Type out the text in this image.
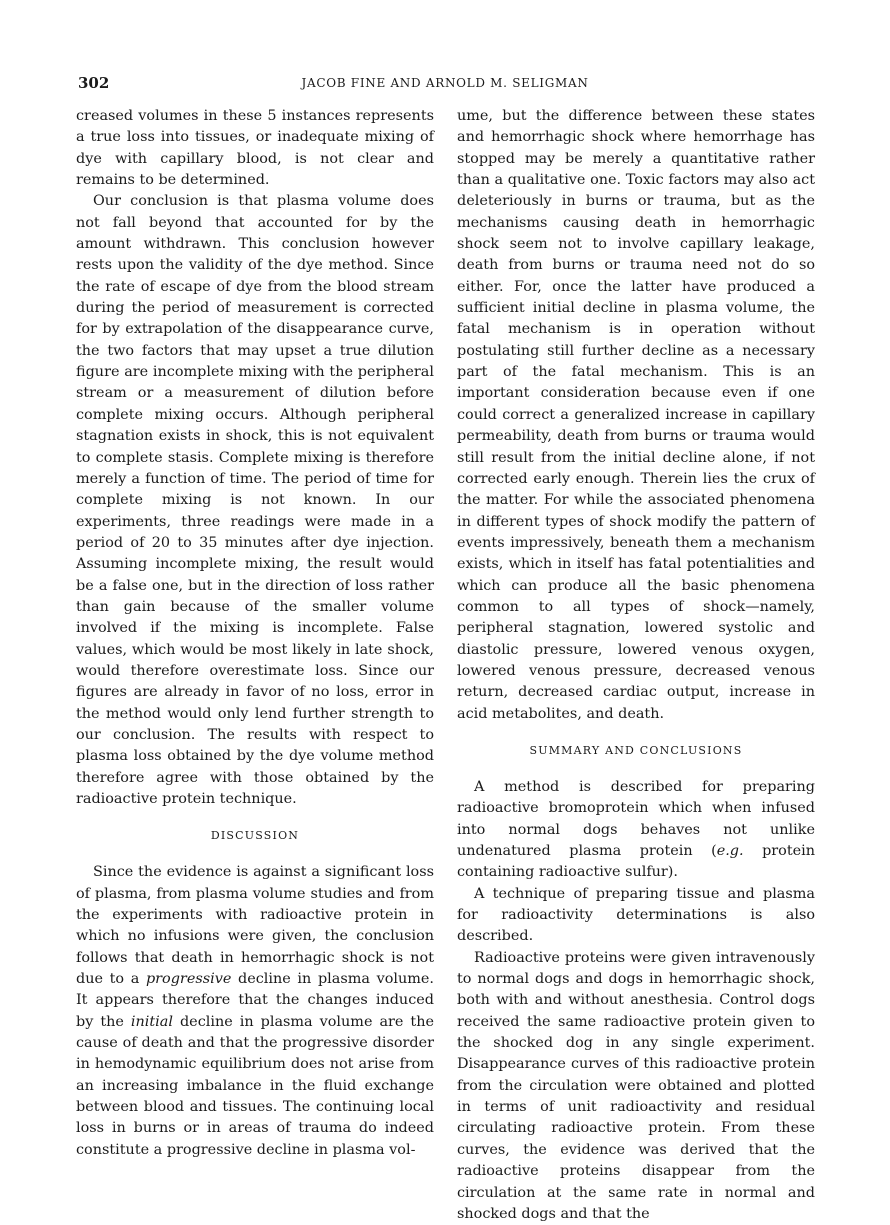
302	JACOB FINE AND ARNOLD M. SELIGMAN

creased volumes in these 5 instances represents a true loss into tissues, or inadequate mixing of dye with capillary blood, is not clear and remains to be determined.

Our conclusion is that plasma volume does not fall beyond that accounted for by the amount withdrawn. This conclusion however rests upon the validity of the dye method. Since the rate of escape of dye from the blood stream during the period of measurement is corrected for by extrapolation of the disappearance curve, the two factors that may upset a true dilution figure are incomplete mixing with the peripheral stream or a measurement of dilution before complete mixing occurs. Although peripheral stagnation exists in shock, this is not equivalent to complete stasis. Complete mixing is therefore merely a function of time. The period of time for complete mixing is not known. In our experiments, three readings were made in a period of 20 to 35 minutes after dye injection. Assuming incomplete mixing, the result would be a false one, but in the direction of loss rather than gain because of the smaller volume involved if the mixing is incomplete. False values, which would be most likely in late shock, would therefore overestimate loss. Since our figures are already in favor of no loss, error in the method would only lend further strength to our conclusion. The results with respect to plasma loss obtained by the dye volume method therefore agree with those obtained by the radioactive protein technique.

DISCUSSION

Since the evidence is against a significant loss of plasma, from plasma volume studies and from the experiments with radioactive protein in which no infusions were given, the conclusion follows that death in hemorrhagic shock is not due to a progressive decline in plasma volume. It appears therefore that the changes induced by the initial decline in plasma volume are the cause of death and that the progressive disorder in hemodynamic equilibrium does not arise from an increasing imbalance in the fluid exchange between blood and tissues. The continuing local loss in burns or in areas of trauma do indeed constitute a progressive decline in plasma vol-

ume, but the difference between these states and hemorrhagic shock where hemorrhage has stopped may be merely a quantitative rather than a qualitative one. Toxic factors may also act deleteriously in burns or trauma, but as the mechanisms causing death in hemorrhagic shock seem not to involve capillary leakage, death from burns or trauma need not do so either. For, once the latter have produced a sufficient initial decline in plasma volume, the fatal mechanism is in operation without postulating still further decline as a necessary part of the fatal mechanism. This is an important consideration because even if one could correct a generalized increase in capillary permeability, death from burns or trauma would still result from the initial decline alone, if not corrected early enough. Therein lies the crux of the matter. For while the associated phenomena in different types of shock modify the pattern of events impressively, beneath them a mechanism exists, which in itself has fatal potentialities and which can produce all the basic phenomena common to all types of shock—namely, peripheral stagnation, lowered systolic and diastolic pressure, lowered venous oxygen, lowered venous pressure, decreased venous return, decreased cardiac output, increase in acid metabolites, and death.

SUMMARY AND CONCLUSIONS

A method is described for preparing radioactive bromoprotein which when infused into normal dogs behaves not unlike undenatured plasma protein (e.g. protein containing radioactive sulfur).

A technique of preparing tissue and plasma for radioactivity determinations is also described.

Radioactive proteins were given intravenously to normal dogs and dogs in hemorrhagic shock, both with and without anesthesia. Control dogs received the same radioactive protein given to the shocked dog in any single experiment. Disappearance curves of this radioactive protein from the circulation were obtained and plotted in terms of unit radioactivity and residual circulating radioactive protein. From these curves, the evidence was derived that the radioactive proteins disappear from the circulation at the same rate in normal and shocked dogs and that the
